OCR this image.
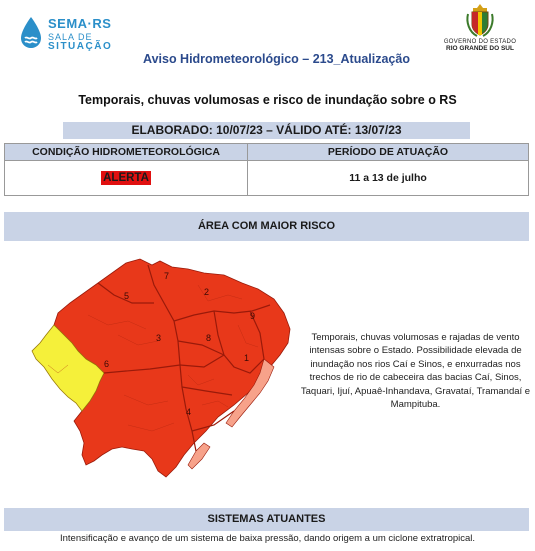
SEMA·RS
SALA DE
SITUAÇÃO
Aviso Hidrometeorológico – 213_Atualização
GOVERNO DO ESTADO
RIO GRANDE DO SUL
Temporais, chuvas volumosas e risco de inundação sobre o RS
ELABORADO: 10/07/23 – VÁLIDO ATÉ: 13/07/23
CONDIÇÃO HIDROMETEOROLÓGICA	PERÍODO DE ATUAÇÃO
ALERTA	11 a 13 de julho
ÁREA COM MAIOR RISCO
7
5	2
9
3	8
1
6
4
Temporais, chuvas volumosas e rajadas de vento intensas sobre o Estado. Possibilidade elevada de inundação nos rios Caí e Sinos, e enxurradas nos trechos de rio de cabeceira das bacias Caí, Sinos, Taquari, Ijuí, Apuaê-Inhandava, Gravataí, Tramandaí e Mampituba.
SISTEMAS ATUANTES
Intensificação e avanço de um sistema de baixa pressão, dando origem a um ciclone extratropical.
